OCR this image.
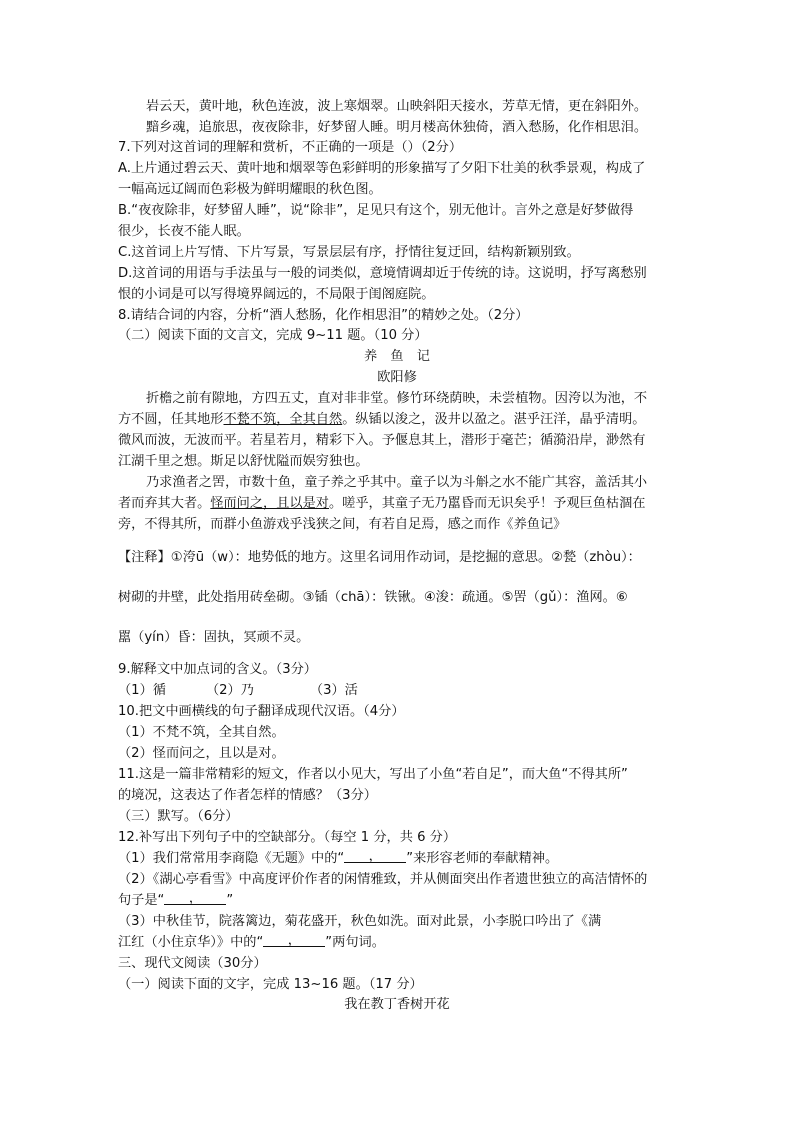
岩云天，黄叶地，秋色连波，波上寒烟翠。山映斜阳天接水，芳草无情，更在斜阳外。
黯乡魂，追旅思，夜夜除非，好梦留人睡。明月楼高休独倚，酒入愁肠，化作相思泪。
7.下列对这首词的理解和赏析，不正确的一项是（）（2分）
A.上片通过碧云天、黄叶地和烟翠等色彩鲜明的形象描写了夕阳下壮美的秋季景观，构成了
一幅高远辽阔而色彩极为鲜明耀眼的秋色图。
B.“夜夜除非，好梦留人睡”，说“除非”，足见只有这个，别无他计。言外之意是好梦做得
很少，长夜不能人眠。
C.这首词上片写情、下片写景，写景层层有序，抒情往复迂回，结构新颖别致。
D.这首词的用语与手法虽与一般的词类似，意境情调却近于传统的诗。这说明，抒写离愁别
恨的小词是可以写得境界阔远的，不局限于闺阁庭院。
8.请结合词的内容，分析“酒人愁肠，化作相思泪”的精妙之处。（2分）
（二）阅读下面的文言文，完成 9~11 题。（10 分）
养　鱼　记
欧阳修
折檐之前有隙地，方四五丈，直对非非堂。修竹环绕荫映，未尝植物。因洿以为池，不
方不圆，任其地形不甃不筑，全其自然。纵锸以浚之，汲井以盈之。湛乎汪洋，晶乎清明。
微风而波，无波而平。若星若月，精彩下入。予偃息其上，潜形于毫芒；循漪沿岸，渺然有
江湖千里之想。斯足以舒忧隘而娱穷独也。
乃求渔者之罟，市数十鱼，童子养之乎其中。童子以为斗斛之水不能广其容，盖活其小
者而弃其大者。怪而问之，且以是对。嗟乎，其童子无乃嚚昏而无识矣乎！予观巨鱼枯涸在
旁，不得其所，而群小鱼游戏乎浅狭之间，有若自足焉，感之而作《养鱼记》
【注释】①洿ū（w）：地势低的地方。这里名词用作动词，是挖掘的意思。②甃（zhòu）：
树砌的井壁，此处指用砖垒砌。③锸（chā）：铁锹。④浚：疏通。⑤罟（gǔ）：渔网。⑥
嚚（yín）昏：固执，冥顽不灵。
9.解释文中加点词的含义。（3分）
（1）循	（2）乃	（3）活
10.把文中画横线的句子翻译成现代汉语。（4分）
（1）不梵不筑，全其自然。
（2）怪而问之，且以是对。
11.这是一篇非常精彩的短文，作者以小见大，写出了小鱼“若自足”，而大鱼“不得其所”
的境况，这表达了作者怎样的情感？（3分）
（三）默写。（6分）
12.补写出下列句子中的空缺部分。（每空 1 分，共 6 分）
（1）我们常常用李商隐《无题》中的“ ， ”来形容老师的奉献精神。
（2）《湖心亭看雪》中高度评价作者的闲情雅致，并从侧面突出作者遗世独立的高洁情怀的
句子是“ ， ”
（3）中秋佳节，院落篱边，菊花盛开，秋色如洗。面对此景，小李脱口吟出了《满
江红（小住京华）》中的“ ， ”两句词。
三、现代文阅读（30分）
（一）阅读下面的文字，完成 13~16 题。（17 分）
我在教丁香树开花
